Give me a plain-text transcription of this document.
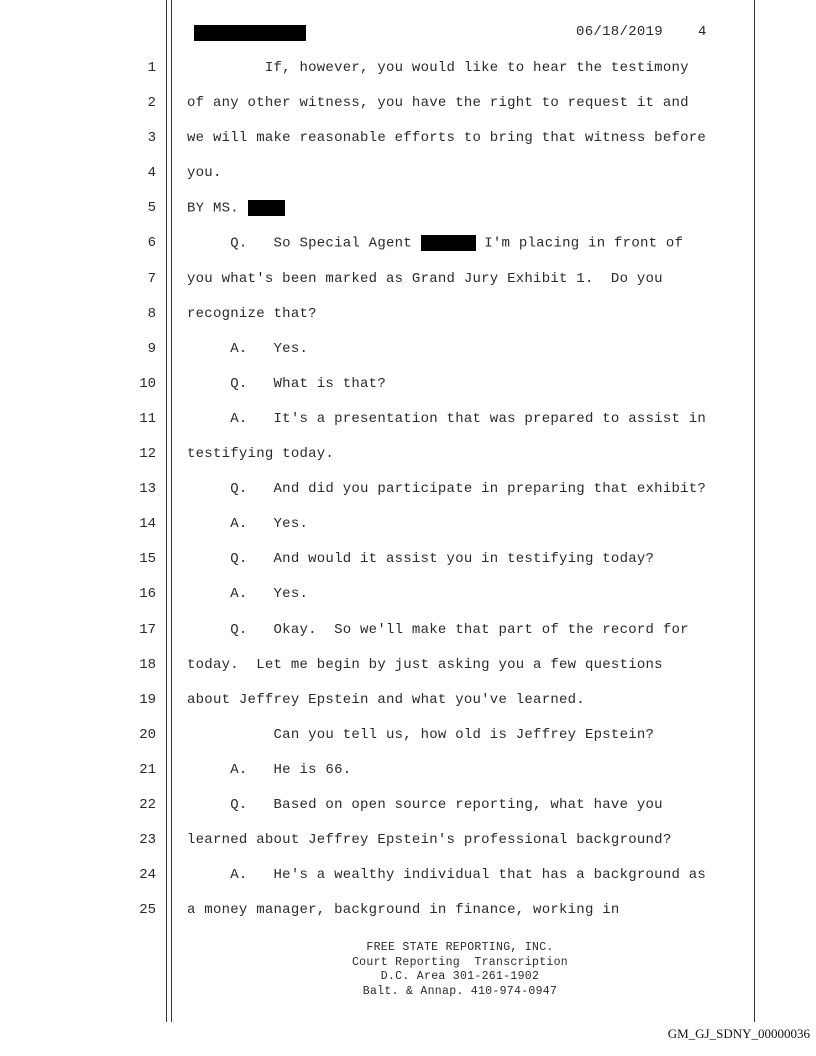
06/18/2019 4
1 If, however, you would like to hear the testimony
2 of any other witness, you have the right to request it and
3 we will make reasonable efforts to bring that witness before
4 you.
5 BY MS.
6 Q.   So Special Agent	I'm placing in front of
7 you what's been marked as Grand Jury Exhibit 1.  Do you
8 recognize that?
9 A.   Yes.
10 Q.   What is that?
11 A.   It's a presentation that was prepared to assist in
12 testifying today.
13 Q.   And did you participate in preparing that exhibit?
14 A.   Yes.
15 Q.   And would it assist you in testifying today?
16 A.   Yes.
17 Q.   Okay.  So we'll make that part of the record for
18 today.  Let me begin by just asking you a few questions
19 about Jeffrey Epstein and what you've learned.
20 Can you tell us, how old is Jeffrey Epstein?
21 A.   He is 66.
22 Q.   Based on open source reporting, what have you
23 learned about Jeffrey Epstein's professional background?
24 A.   He's a wealthy individual that has a background as
25 a money manager, background in finance, working in
FREE STATE REPORTING, INC.
Court Reporting  Transcription
D.C. Area 301-261-1902
Balt. & Annap. 410-974-0947
GM_GJ_SDNY_00000036
